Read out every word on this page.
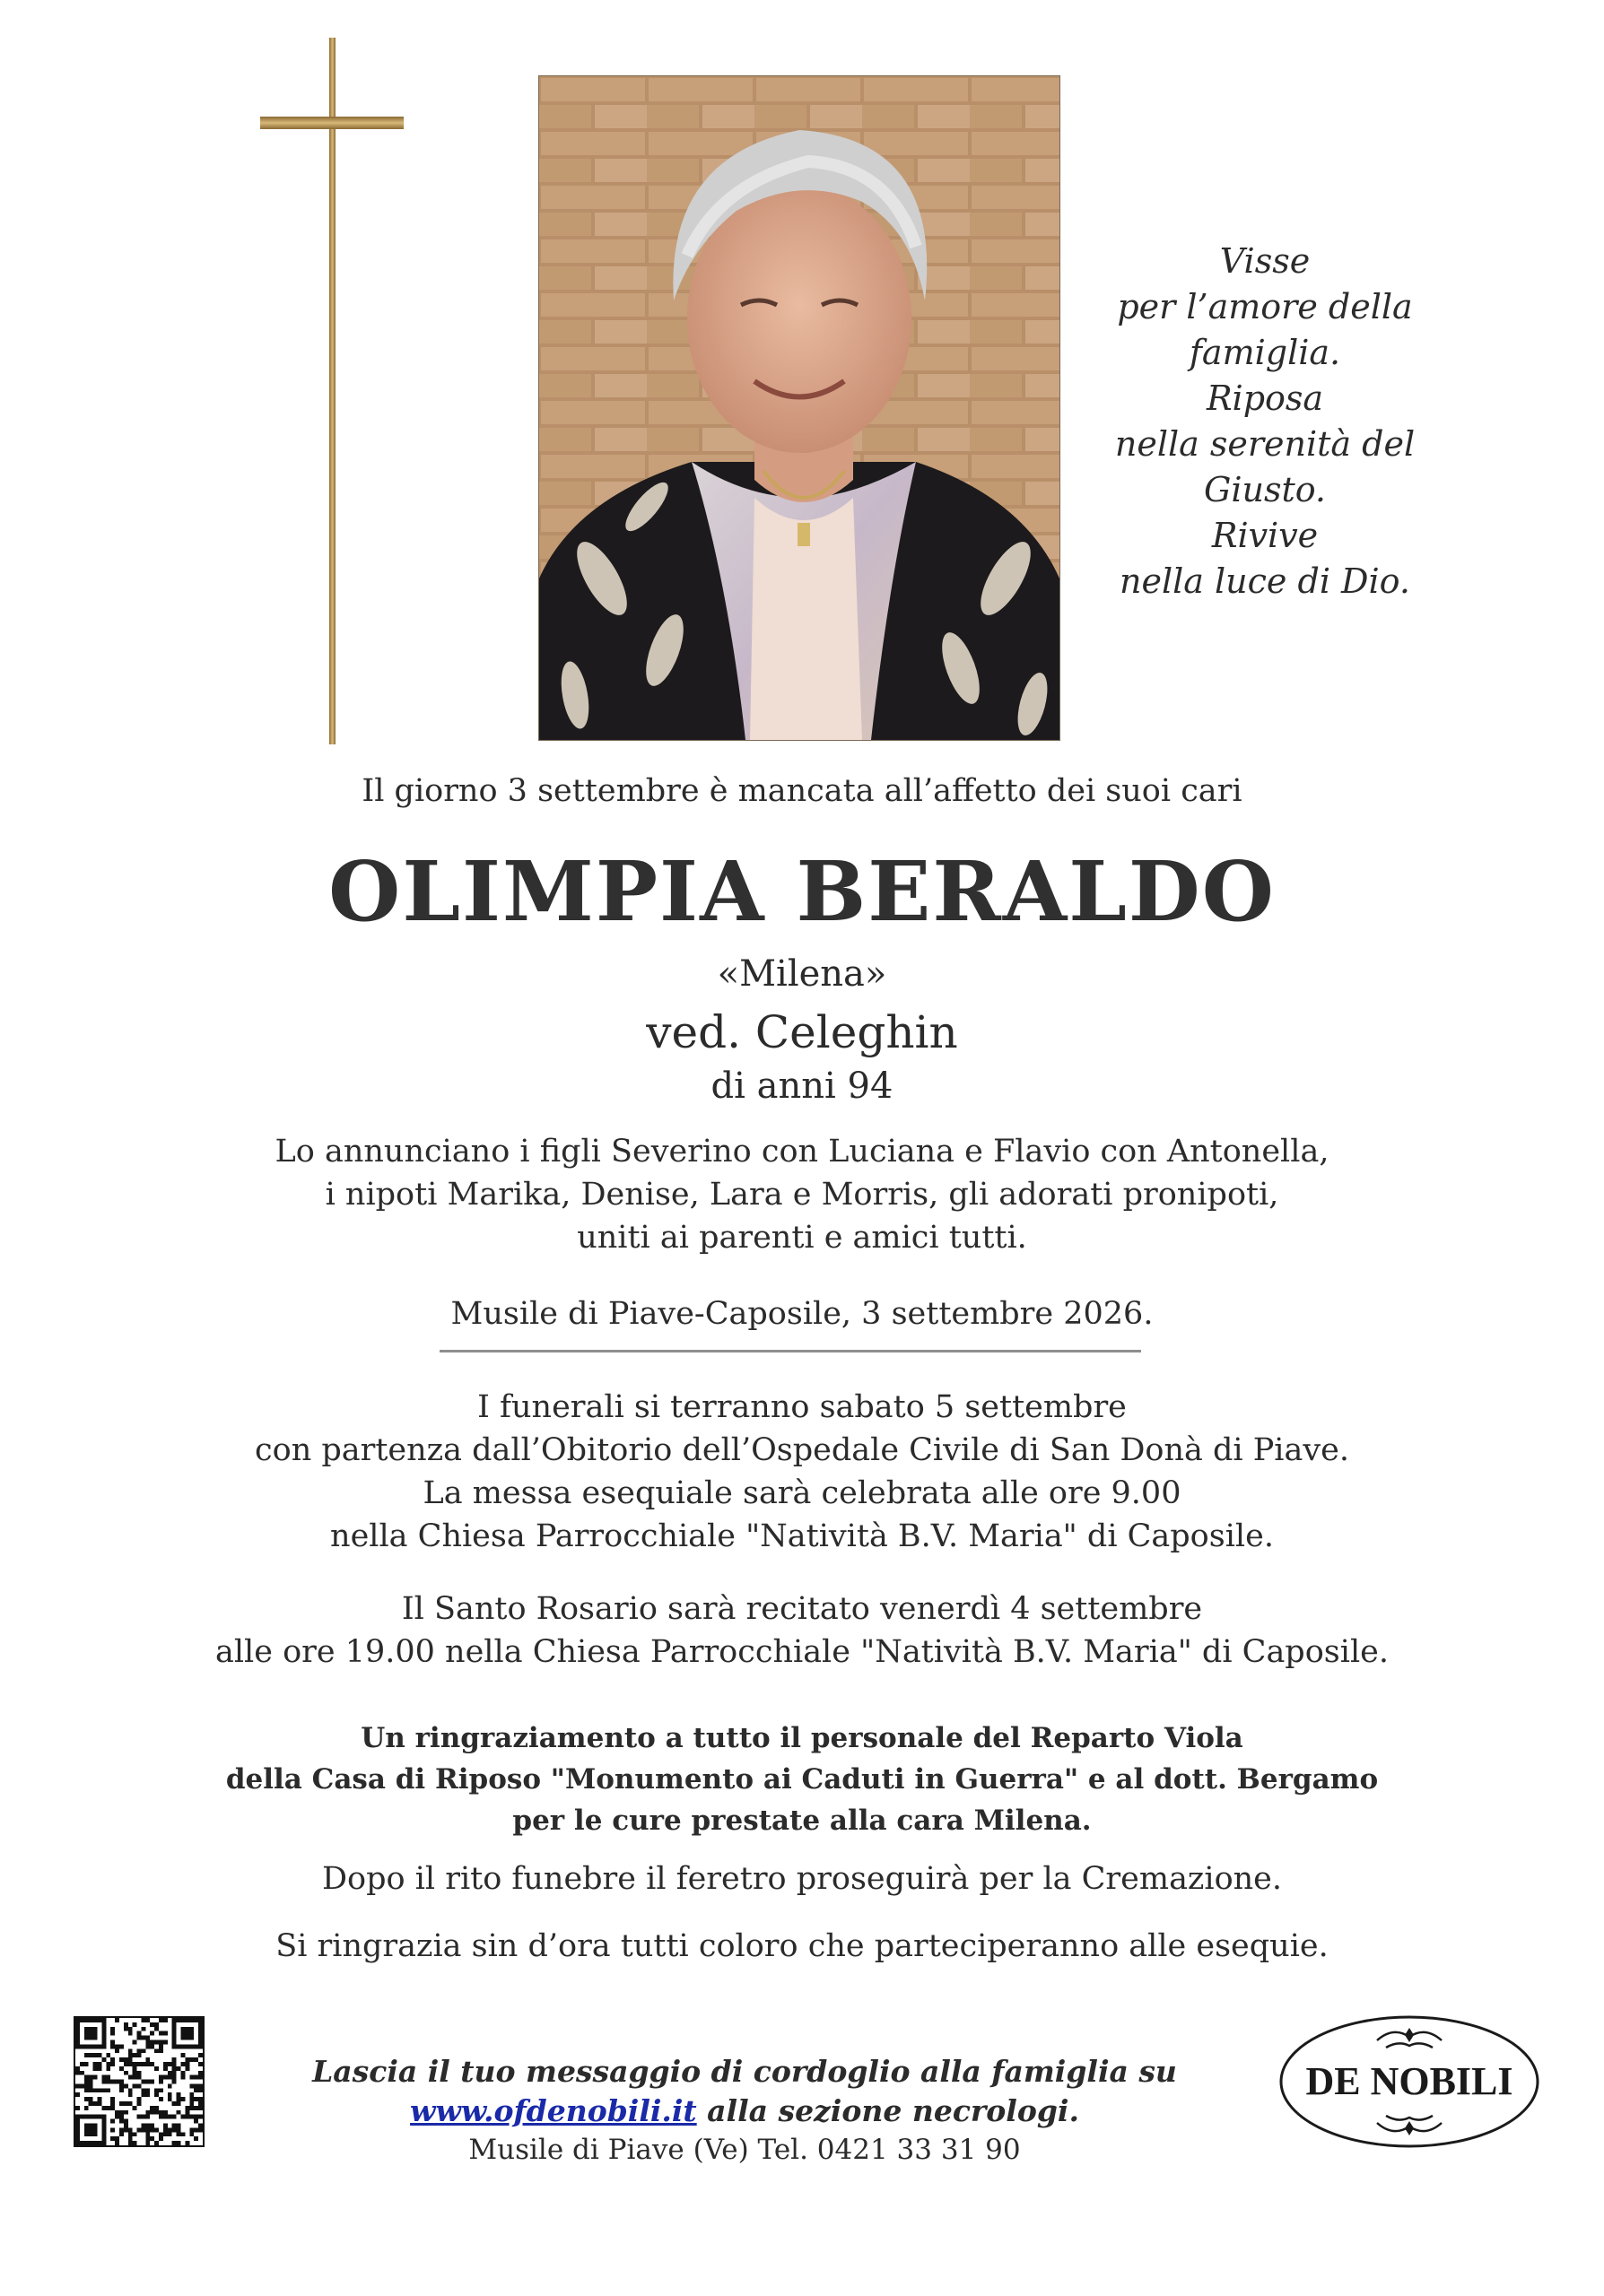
Visse
per l’amore della
famiglia.
Riposa
nella serenità del
Giusto.
Rivive
nella luce di Dio.
Il giorno 3 settembre è mancata all’affetto dei suoi cari
OLIMPIA BERALDO
«Milena»
ved. Celeghin
di anni 94
Lo annunciano i figli Severino con Luciana e Flavio con Antonella,
i nipoti Marika, Denise, Lara e Morris, gli adorati pronipoti,
uniti ai parenti e amici tutti.
Musile di Piave-Caposile, 3 settembre 2026.
I funerali si terranno sabato 5 settembre
con partenza dall’Obitorio dell’Ospedale Civile di San Donà di Piave.
La messa esequiale sarà celebrata alle ore 9.00
nella Chiesa Parrocchiale "Natività B.V. Maria" di Caposile.
Il Santo Rosario sarà recitato venerdì 4 settembre
alle ore 19.00 nella Chiesa Parrocchiale "Natività B.V. Maria" di Caposile.
Un ringraziamento a tutto il personale del Reparto Viola
della Casa di Riposo "Monumento ai Caduti in Guerra" e al dott. Bergamo
per le cure prestate alla cara Milena.
Dopo il rito funebre il feretro proseguirà per la Cremazione.
Si ringrazia sin d’ora tutti coloro che parteciperanno alle esequie.
Lascia il tuo messaggio di cordoglio alla famiglia su
www.ofdenobili.it alla sezione necrologi.
Musile di Piave (Ve) Tel. 0421 33 31 90
DE NOBILI
